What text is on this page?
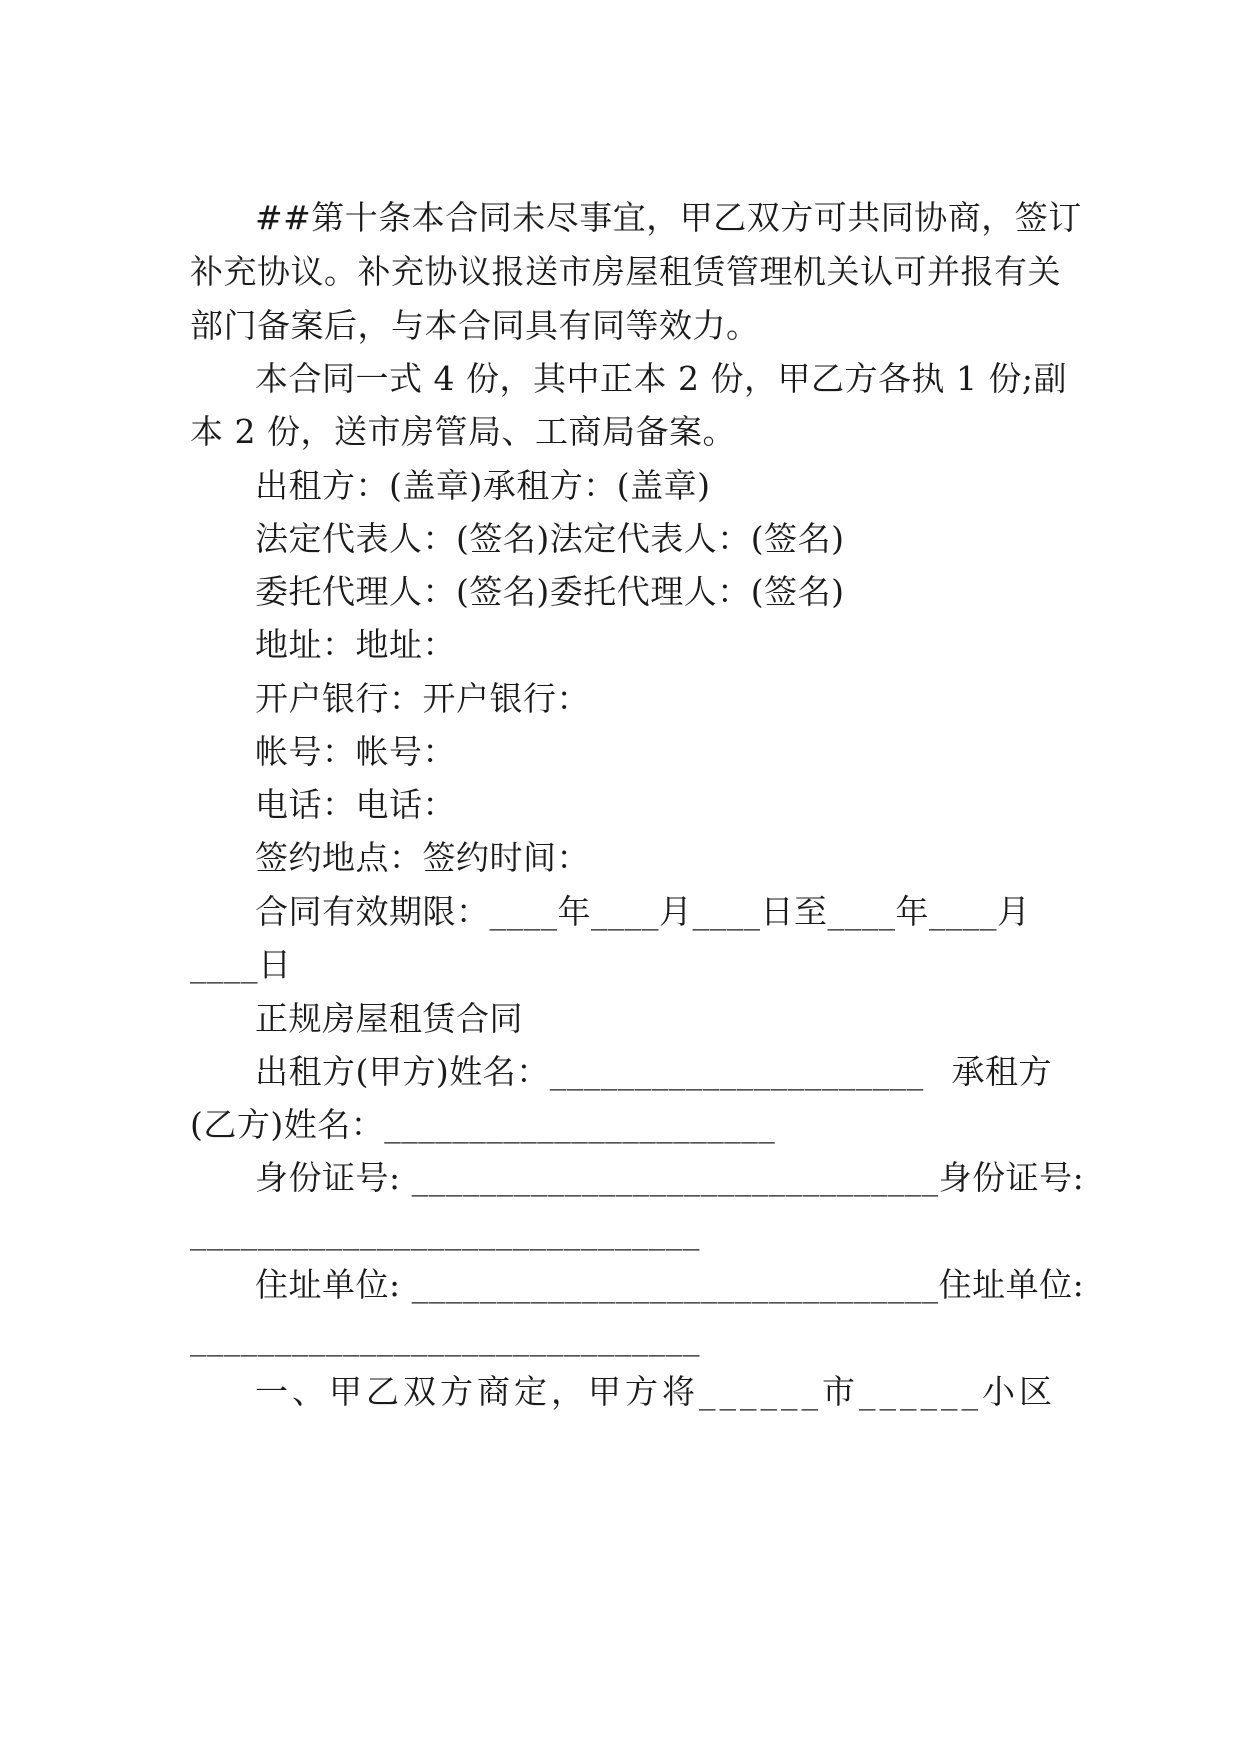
##第十条本合同未尽事宜，甲乙双方可共同协商，签订
补充协议。补充协议报送市房屋租赁管理机关认可并报有关
部门备案后，与本合同具有同等效力。
本合同一式 4 份，其中正本 2 份，甲乙方各执 1 份;副
本 2 份，送市房管局、工商局备案。
出租方：(盖章)承租方：(盖章)
法定代表人：(签名)法定代表人：(签名)
委托代理人：(签名)委托代理人：(签名)
地址：地址：
开户银行：开户银行：
帐号：帐号：
电话：电话：
签约地点：签约时间：
合同有效期限：____年____月____日至____年____月
____日
正规房屋租赁合同
出租方(甲方)姓名：______________________ 承租方
(乙方)姓名：_______________________
身份证号: _______________________________ 身份证号:
______________________________
住址单位: _______________________________ 住址单位:
______________________________
一、甲乙双方商定，甲方将______市______小区
